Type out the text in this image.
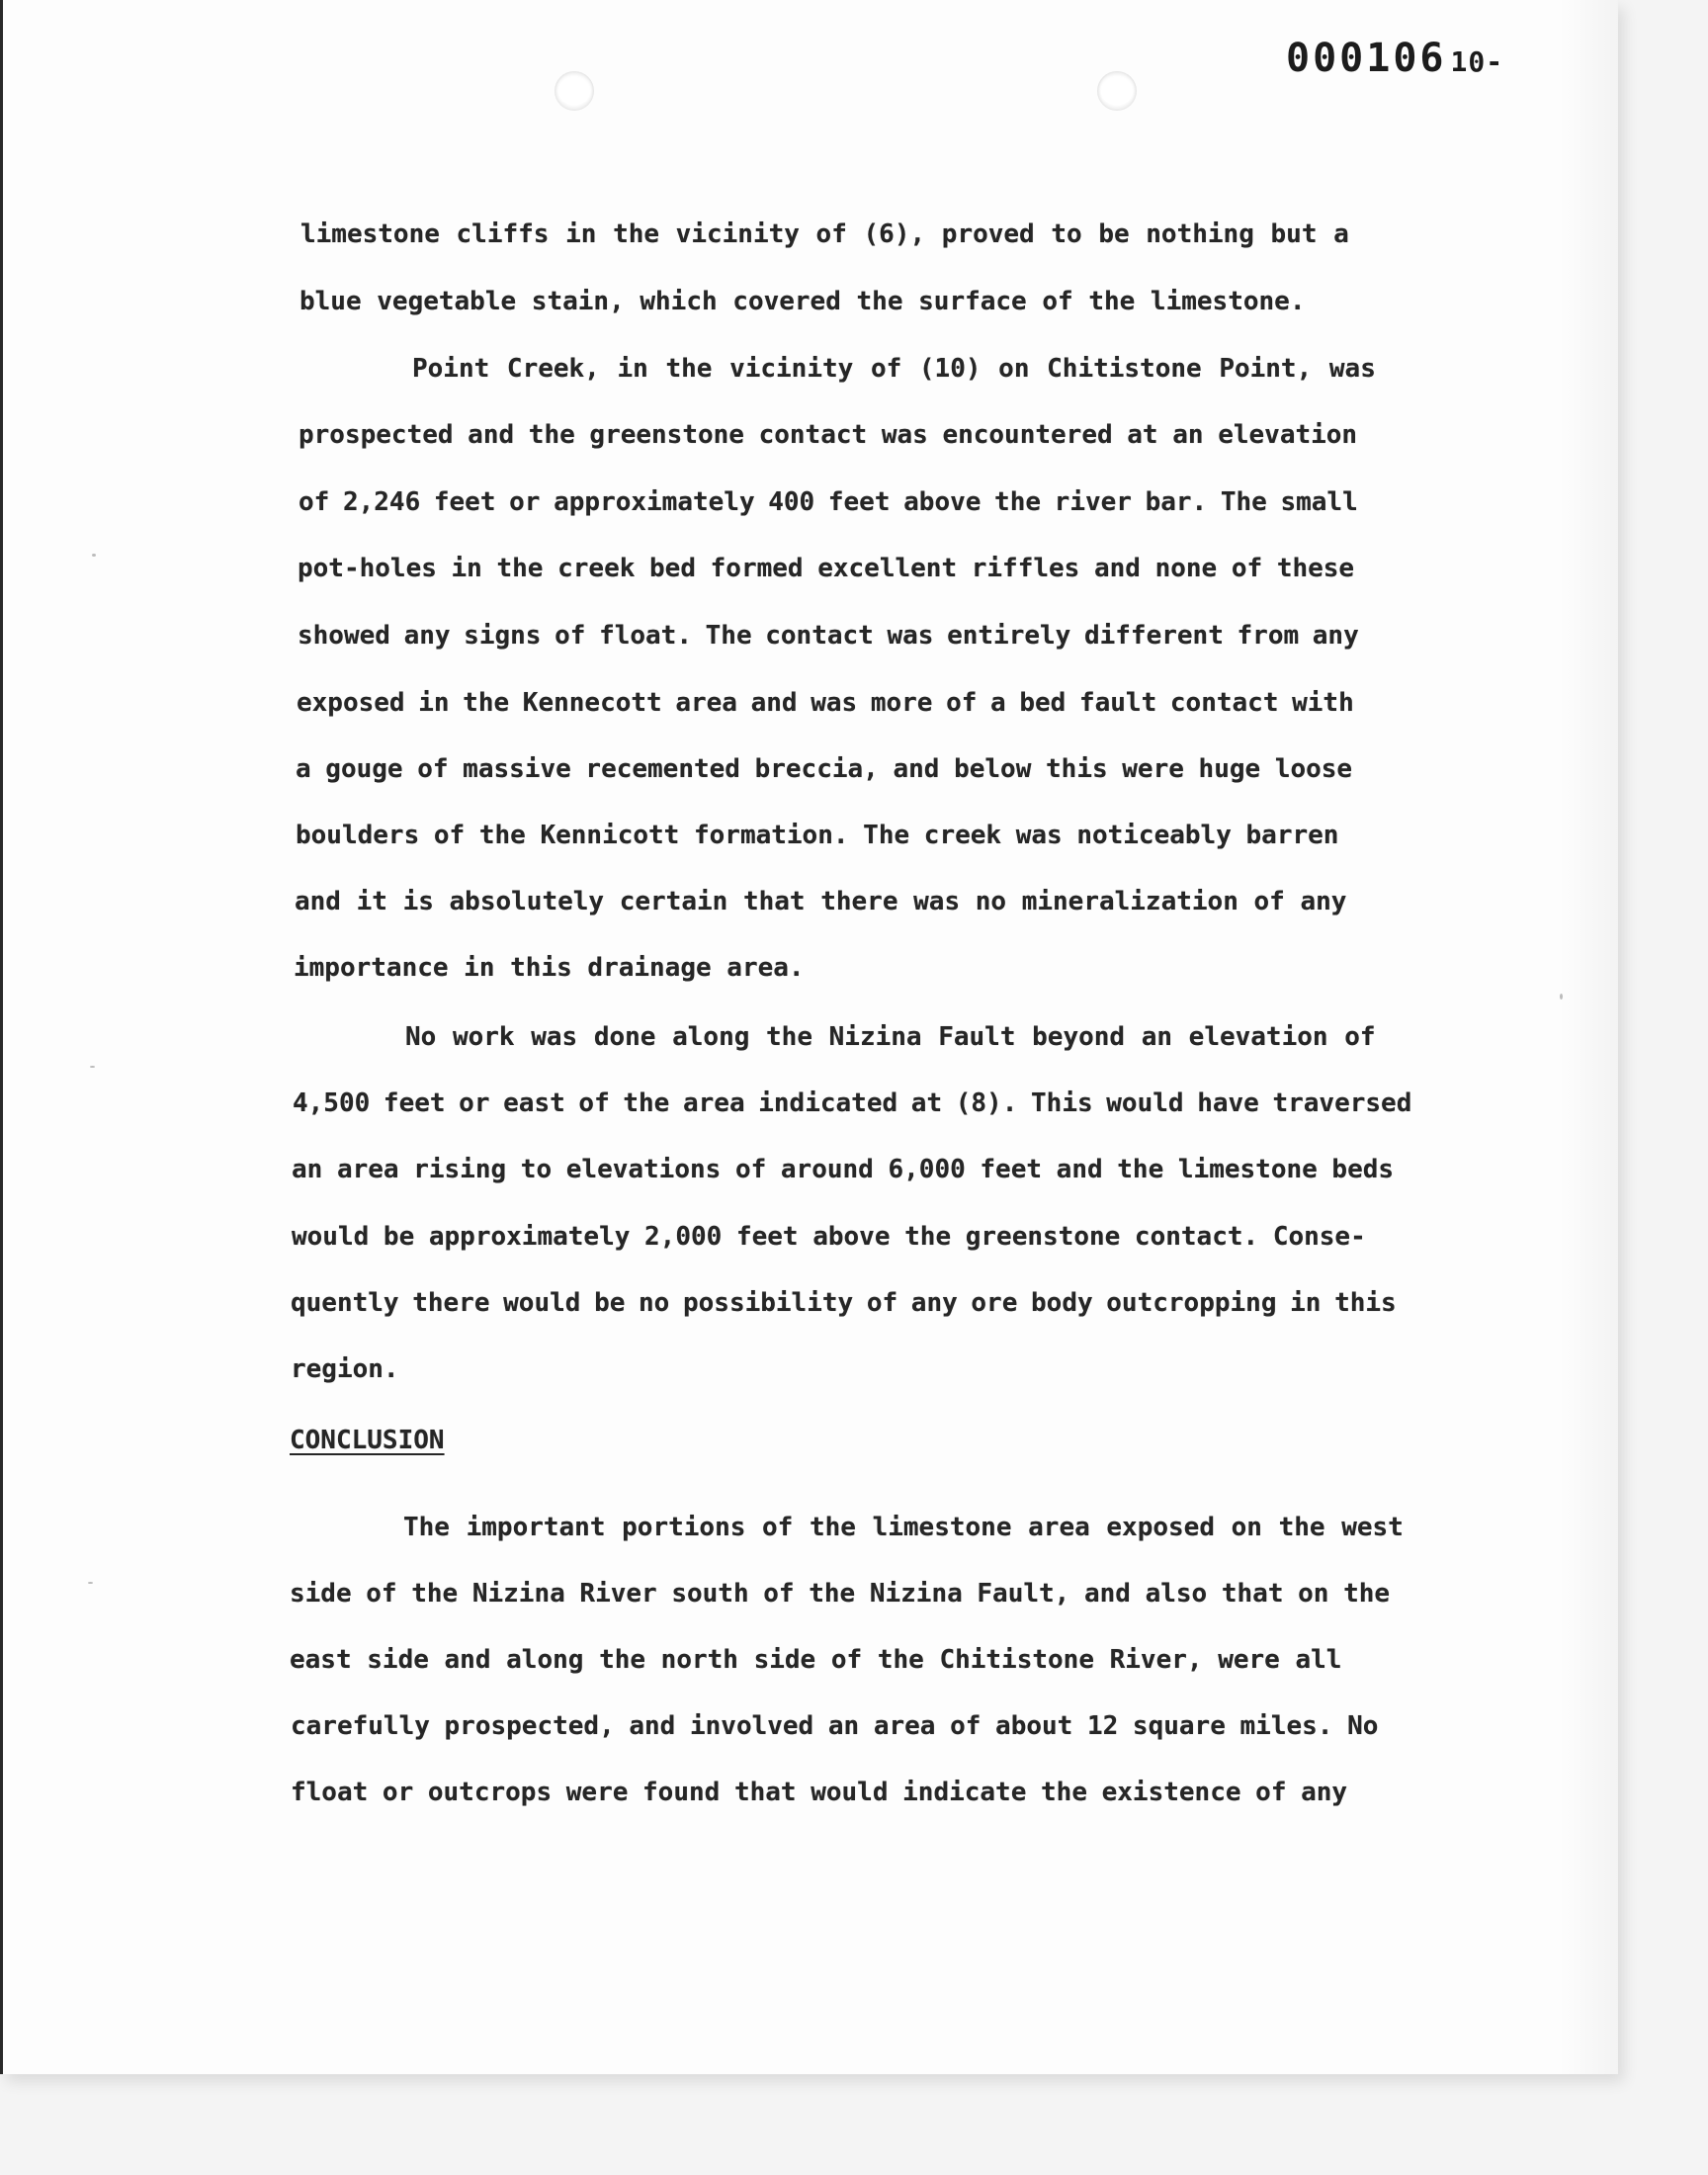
000106 10-

limestone cliffs in the vicinity of (6), proved to be nothing but a

blue vegetable stain, which covered the surface of the limestone.

Point Creek, in the vicinity of (10) on Chitistone Point, was

prospected and the greenstone contact was encountered at an elevation

of 2,246 feet or approximately 400 feet above the river bar. The small

pot-holes in the creek bed formed excellent riffles and none of these

showed any signs of float. The contact was entirely different from any

exposed in the Kennecott area and was more of a bed fault contact with

a gouge of massive recemented breccia, and below this were huge loose

boulders of the Kennicott formation. The creek was noticeably barren

and it is absolutely certain that there was no mineralization of any

importance in this drainage area.

No work was done along the Nizina Fault beyond an elevation of

4,500 feet or east of the area indicated at (8). This would have traversed

an area rising to elevations of around 6,000 feet and the limestone beds

would be approximately 2,000 feet above the greenstone contact. Conse-

quently there would be no possibility of any ore body outcropping in this

region.

CONCLUSION

The important portions of the limestone area exposed on the west

side of the Nizina River south of the Nizina Fault, and also that on the

east side and along the north side of the Chitistone River, were all

carefully prospected, and involved an area of about 12 square miles. No

float or outcrops were found that would indicate the existence of any
